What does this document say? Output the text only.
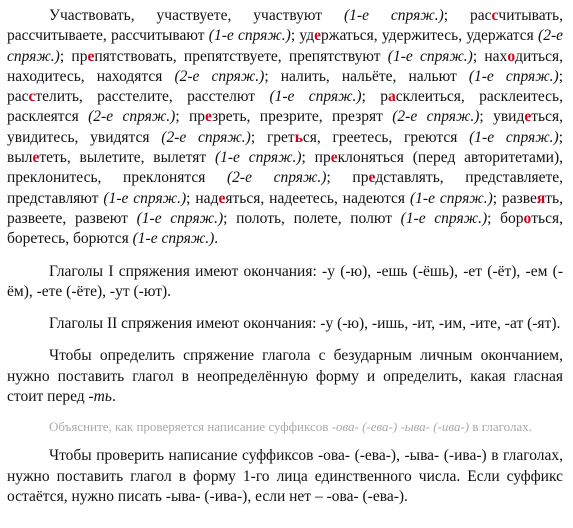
Участвовать, участвуете, участвуют (1-е спряж.); рассчитывать, рассчитываете, рассчитывают (1-е спряж.); удержаться, удержитесь, удержатся (2-е спряж.); препятствовать, препятствуете, препятствуют (1-е спряж.); находиться, находитесь, находятся (2-е спряж.); налить, нальёте, нальют (1-е спряж.); расстелить, расстелите, расстелют (1-е спряж.); расклеиться, расклеитесь, расклеятся (2-е спряж.); презреть, презрите, презрят (2-е спряж.); увидеться, увидитесь, увидятся (2-е спряж.); греться, греетесь, греются (1-е спряж.); вылететь, вылетите, вылетят (1-е спряж.); преклоняться (перед авторитетами), преклонитесь, преклонятся (2-е спряж.); представлять, представляете, представляют (1-е спряж.); надеяться, надеетесь, надеются (1-е спряж.); развеять, развеете, развеют (1-е спряж.); полоть, полете, полют (1-е спряж.); бороться, боретесь, борются (1-е спряж.).

Глаголы I спряжения имеют окончания: -у (-ю), -ешь (-ёшь), -ет (-ёт), -ем (-ём), -ете (-ёте), -ут (-ют).

Глаголы II спряжения имеют окончания: -у (-ю), -ишь, -ит, -им, -ите, -ат (-ят).

Чтобы определить спряжение глагола с безударным личным окончанием, нужно поставить глагол в неопределённую форму и определить, какая гласная стоит перед -ть.

Объясните, как проверяется написание суффиксов -ова- (-ева-) -ыва- (-ива-) в глаголах.

Чтобы проверить написание суффиксов -ова- (-ева-), -ыва- (-ива-) в глаголах, нужно поставить глагол в форму 1-го лица единственного числа. Если суффикс остаётся, нужно писать -ыва- (-ива-), если нет – -ова- (-ева-).
